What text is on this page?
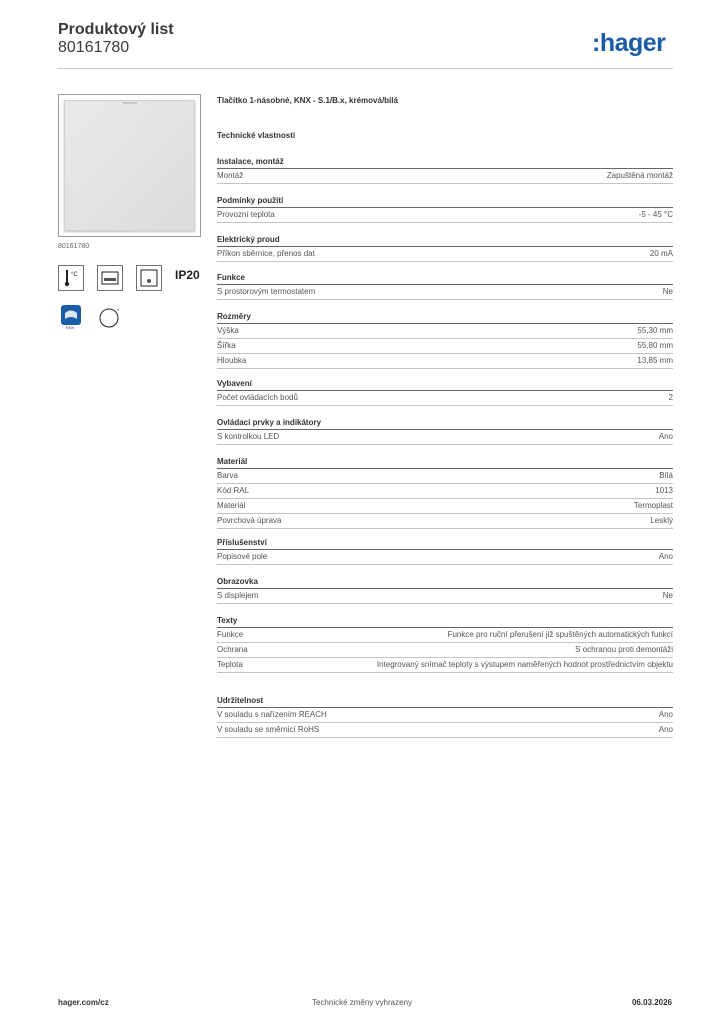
Produktový list
80161780	:hager
80161780
°C	IP20
KNX
°
Tlačítko 1-násobné, KNX - S.1/B.x, krémová/bílá
Technické vlastnosti
Instalace, montáž
Montáž	Zapuštěná montáž
Podmínky použití
Provozní teplota	-5 - 45 °C
Elektrický proud
Příkon sběrnice, přenos dat	20 mA
Funkce
S prostorovým termostatem	Ne
Rozměry
Výška	55,30 mm
Šířka	55,80 mm
Hloubka	13,85 mm
Vybavení
Počet ovládacích bodů	2
Ovládací prvky a indikátory
S kontrolkou LED	Ano
Materiál
Barva	Bílá
Kód RAL	1013
Materiál	Termoplast
Povrchová úprava	Lesklý
Příslušenství
Popisové pole	Ano
Obrazovka
S displejem	Ne
Texty
Funkce	Funkce pro ruční přerušení již spuštěných automatických funkcí
Ochrana	S ochranou proti demontáži
Teplota	Integrovaný snímač teploty s výstupem naměřených hodnot prostřednictvím objektu
Udržitelnost
V souladu s nařízením REACH	Ano
V souladu se směrnicí RoHS	Ano
hager.com/cz	Technické změny vyhrazeny	06.03.2026
